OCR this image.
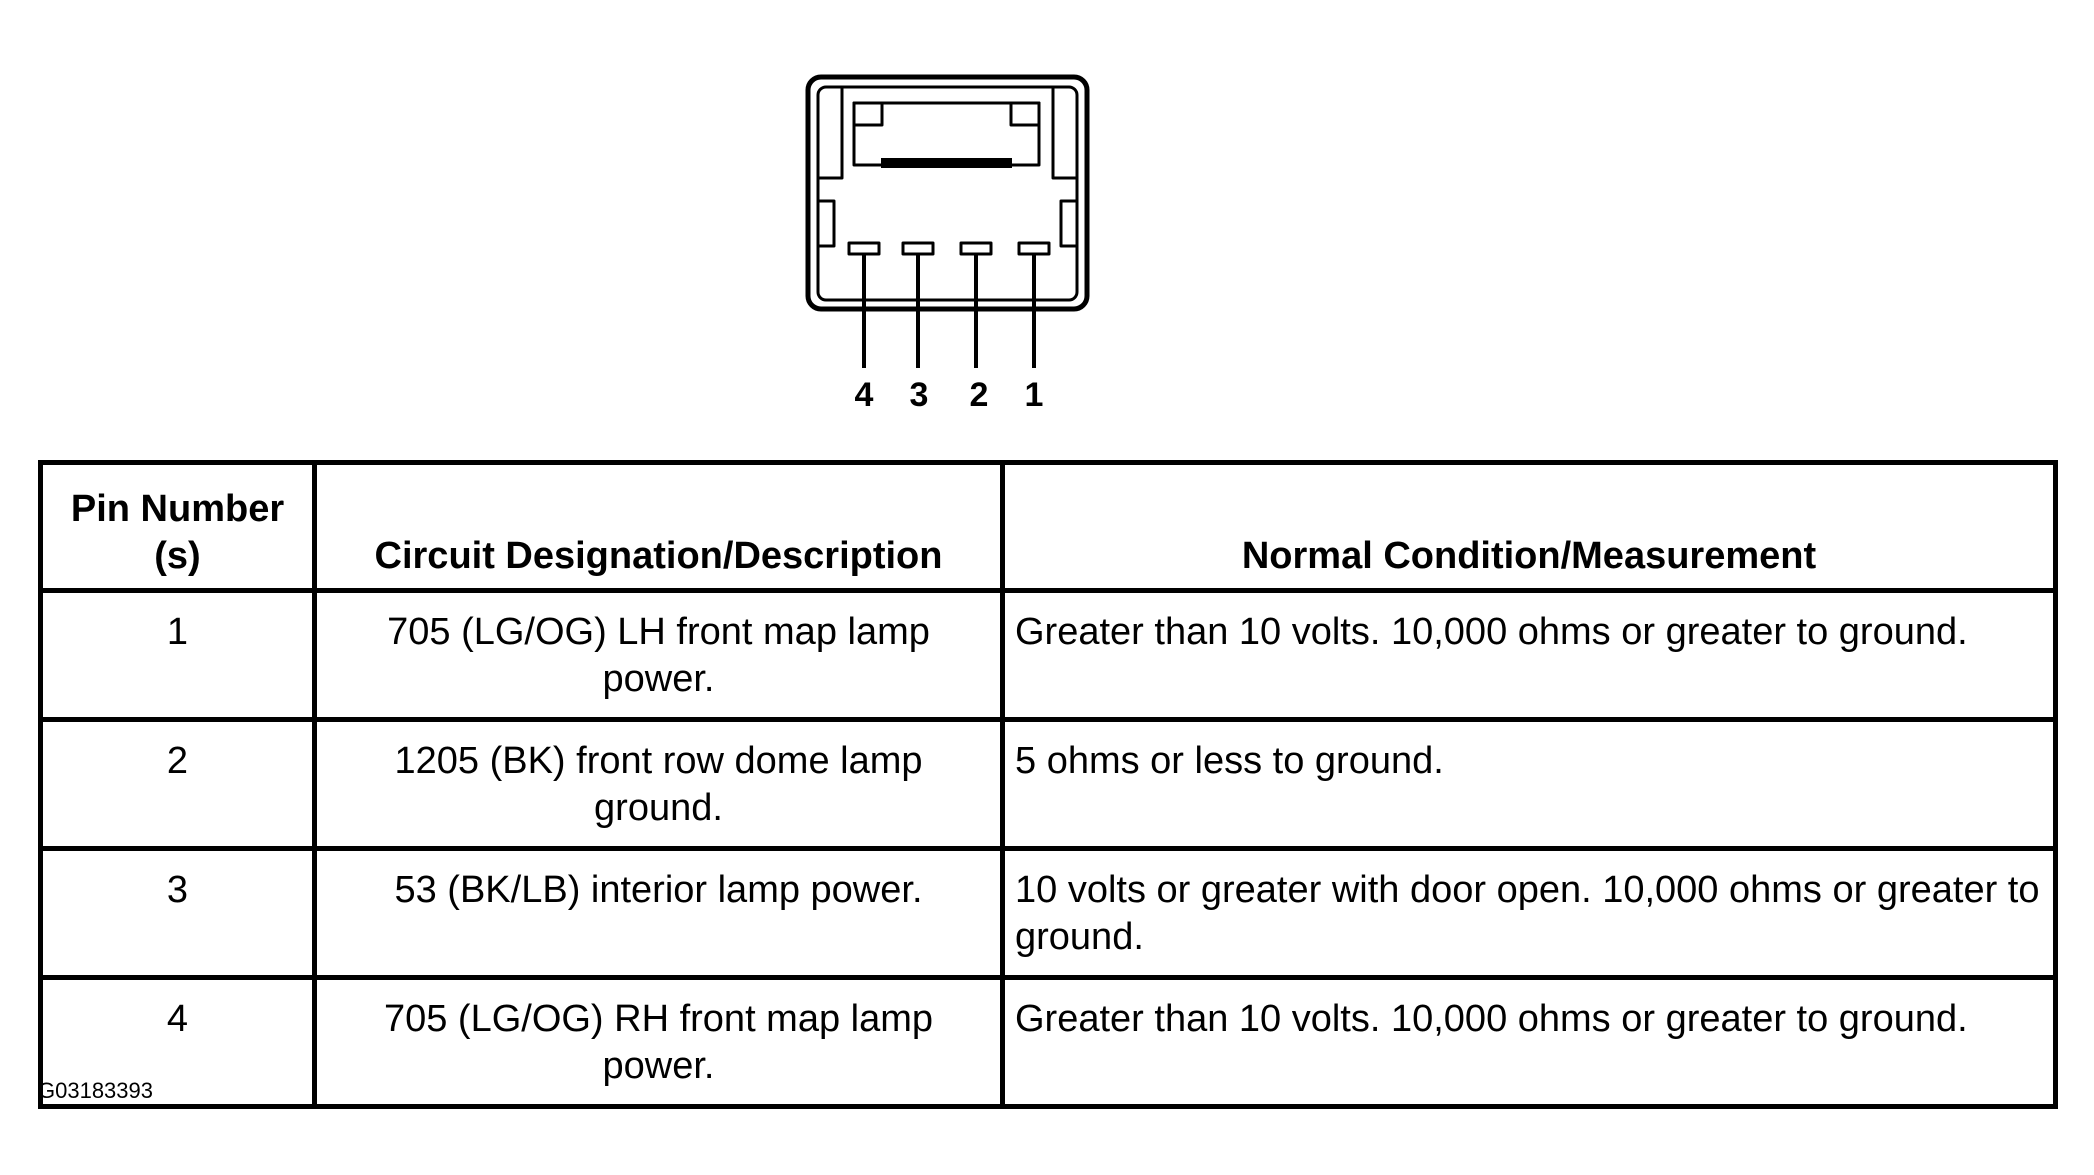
4 3 2 1
Pin Number (s)	Circuit Designation/Description	Normal Condition/Measurement
1	705 (LG/OG) LH front map lamp power.	Greater than 10 volts. 10,000 ohms or greater to ground.
2	1205 (BK) front row dome lamp ground.	5 ohms or less to ground.
3	53 (BK/LB) interior lamp power.	10 volts or greater with door open. 10,000 ohms or greater to ground.
4	705 (LG/OG) RH front map lamp power.	Greater than 10 volts. 10,000 ohms or greater to ground.
G03183393
